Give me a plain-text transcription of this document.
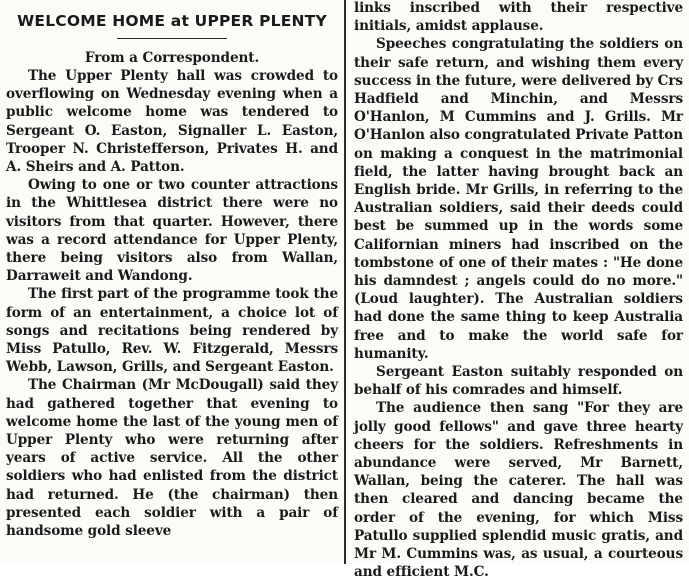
WELCOME HOME at UPPER PLENTY
From a Correspondent.

The Upper Plenty hall was crowded to overflowing on Wednesday evening when a public welcome home was tendered to Sergeant O. Easton, Signaller L. Easton, Trooper N. Christefferson, Privates H. and A. Sheirs and A. Patton.

Owing to one or two counter attractions in the Whittlesea district there were no visitors from that quarter. However, there was a record attendance for Upper Plenty, there being visitors also from Wallan, Darraweit and Wandong.

The first part of the programme took the form of an entertainment, a choice lot of songs and recitations being rendered by Miss Patullo, Rev. W. Fitzgerald, Messrs Webb, Lawson, Grills, and Sergeant Easton.

The Chairman (Mr McDougall) said they had gathered together that evening to welcome home the last of the young men of Upper Plenty who were returning after years of active service. All the other soldiers who had enlisted from the district had returned. He (the chairman) then presented each soldier with a pair of handsome gold sleeve

links inscribed with their respective initials, amidst applause.

Speeches congratulating the soldiers on their safe return, and wishing them every success in the future, were delivered by Crs Hadfield and Minchin, and Messrs O'Hanlon, M Cummins and J. Grills. Mr O'Hanlon also congratulated Private Patton on making a conquest in the matrimonial field, the latter having brought back an English bride. Mr Grills, in referring to the Australian soldiers, said their deeds could best be summed up in the words some Californian miners had inscribed on the tombstone of one of their mates : "He done his damndest ; angels could do no more." (Loud laughter). The Australian soldiers had done the same thing to keep Australia free and to make the world safe for humanity.

Sergeant Easton suitably responded on behalf of his comrades and himself.

The audience then sang "For they are jolly good fellows" and gave three hearty cheers for the soldiers. Refreshments in abundance were served, Mr Barnett, Wallan, being the caterer. The hall was then cleared and dancing became the order of the evening, for which Miss Patullo supplied splendid music gratis, and Mr M. Cummins was, as usual, a courteous and efficient M.C.
